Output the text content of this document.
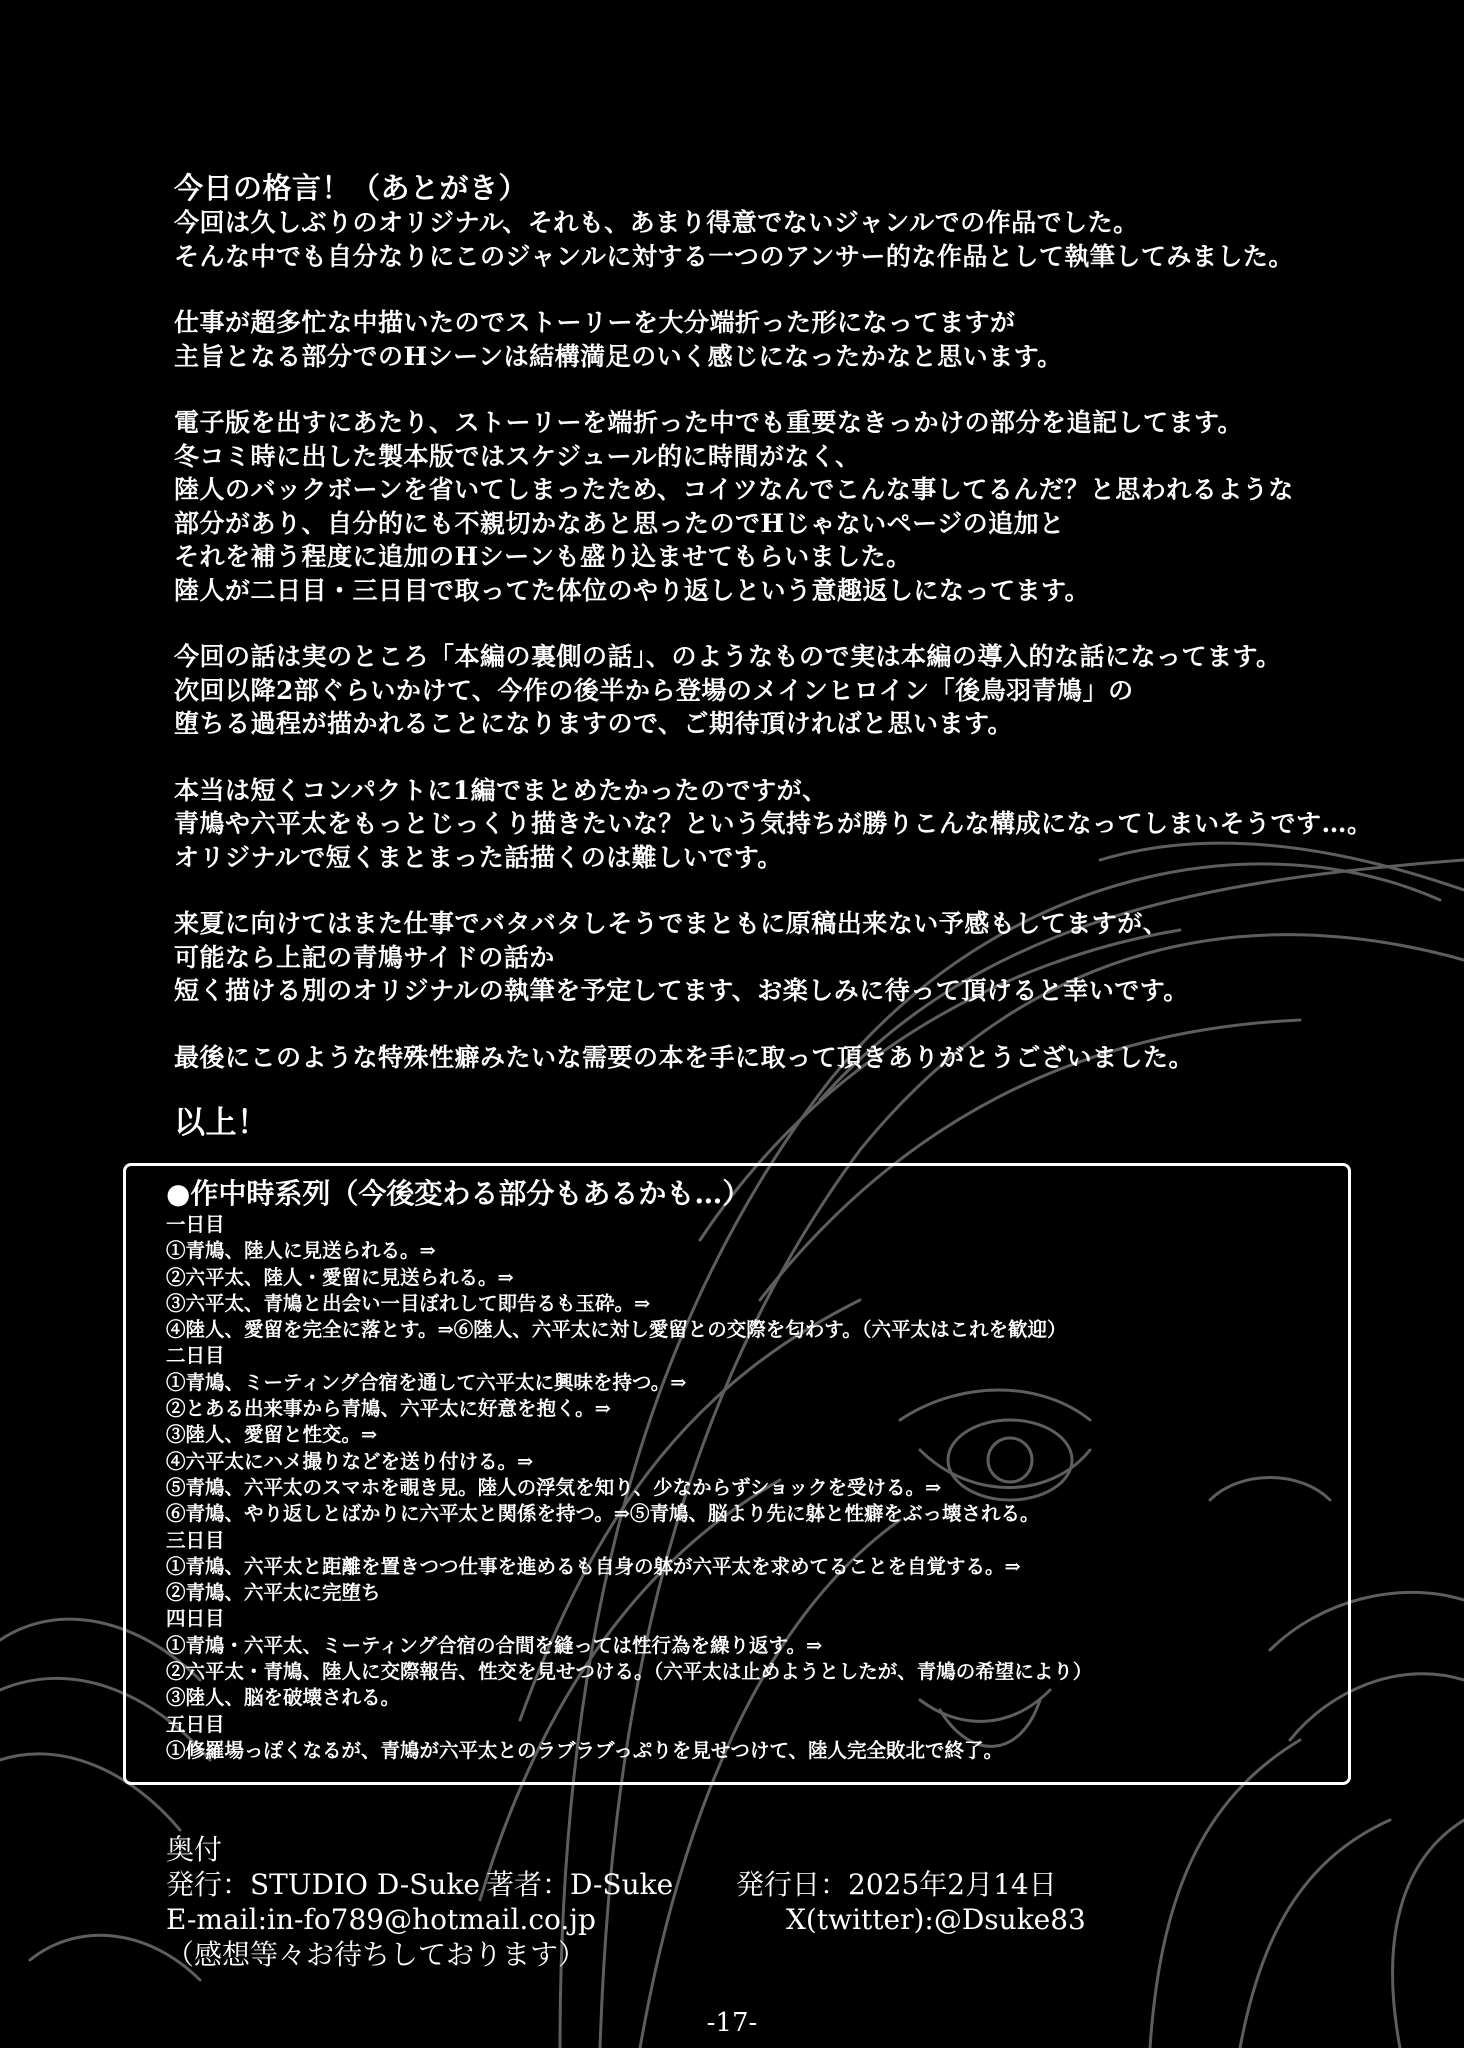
今日の格言！（あとがき）
今回は久しぶりのオリジナル、それも、あまり得意でないジャンルでの作品でした。
そんな中でも自分なりにこのジャンルに対する一つのアンサー的な作品として執筆してみました。
仕事が超多忙な中描いたのでストーリーを大分端折った形になってますが
主旨となる部分でのHシーンは結構満足のいく感じになったかなと思います。
電子版を出すにあたり、ストーリーを端折った中でも重要なきっかけの部分を追記してます。
冬コミ時に出した製本版ではスケジュール的に時間がなく、
陸人のバックボーンを省いてしまったため、コイツなんでこんな事してるんだ？と思われるような
部分があり、自分的にも不親切かなあと思ったのでHじゃないページの追加と
それを補う程度に追加のHシーンも盛り込ませてもらいました。
陸人が二日目・三日目で取ってた体位のやり返しという意趣返しになってます。
今回の話は実のところ「本編の裏側の話」、のようなもので実は本編の導入的な話になってます。
次回以降2部ぐらいかけて、今作の後半から登場のメインヒロイン「後鳥羽青鳩」の
堕ちる過程が描かれることになりますので、ご期待頂ければと思います。
本当は短くコンパクトに1編でまとめたかったのですが、
青鳩や六平太をもっとじっくり描きたいな？という気持ちが勝りこんな構成になってしまいそうです…。
オリジナルで短くまとまった話描くのは難しいです。
来夏に向けてはまた仕事でバタバタしそうでまともに原稿出来ない予感もしてますが、
可能なら上記の青鳩サイドの話か
短く描ける別のオリジナルの執筆を予定してます、お楽しみに待って頂けると幸いです。
最後にこのような特殊性癖みたいな需要の本を手に取って頂きありがとうございました。
以上！
●作中時系列（今後変わる部分もあるかも…）
一日目
①青鳩、陸人に見送られる。⇒
②六平太、陸人・愛留に見送られる。⇒
③六平太、青鳩と出会い一目ぼれして即告るも玉砕。⇒
④陸人、愛留を完全に落とす。⇒⑥陸人、六平太に対し愛留との交際を匂わす。（六平太はこれを歓迎）
二日目
①青鳩、ミーティング合宿を通して六平太に興味を持つ。⇒
②とある出来事から青鳩、六平太に好意を抱く。⇒
③陸人、愛留と性交。⇒
④六平太にハメ撮りなどを送り付ける。⇒
⑤青鳩、六平太のスマホを覗き見。陸人の浮気を知り、少なからずショックを受ける。⇒
⑥青鳩、やり返しとばかりに六平太と関係を持つ。⇒⑤青鳩、脳より先に躰と性癖をぶっ壊される。
三日目
①青鳩、六平太と距離を置きつつ仕事を進めるも自身の躰が六平太を求めてることを自覚する。⇒
②青鳩、六平太に完堕ち
四日目
①青鳩・六平太、ミーティング合宿の合間を縫っては性行為を繰り返す。⇒
②六平太・青鳩、陸人に交際報告、性交を見せつける。（六平太は止めようとしたが、青鳩の希望により）
③陸人、脳を破壊される。
五日目
①修羅場っぽくなるが、青鳩が六平太とのラブラブっぷりを見せつけて、陸人完全敗北で終了。
奥付
発行：STUDIO D-Suke 著者：D-Suke	発行日：2025年2月14日
E-mail:in-fo789@hotmail.co.jp	X(twitter):@Dsuke83
（感想等々お待ちしております）
-17-
